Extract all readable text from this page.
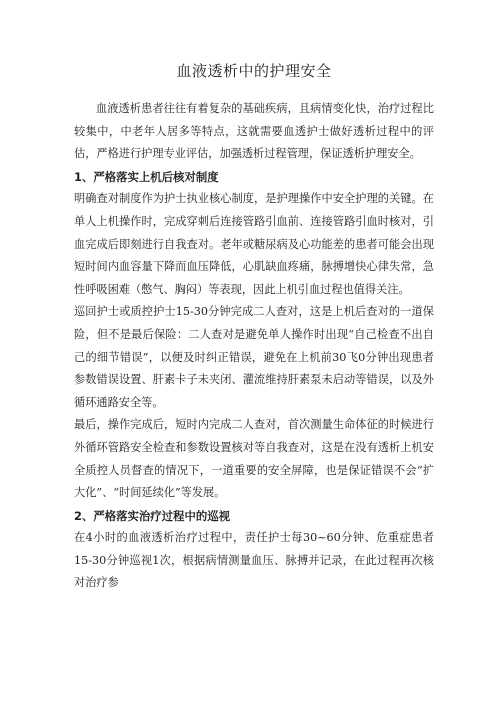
血液透析中的护理安全

血液透析患者往往有着复杂的基础疾病，且病情变化快，治疗过程比较集中，中老年人居多等特点，这就需要血透护士做好透析过程中的评估，严格进行护理专业评估，加强透析过程管理，保证透析护理安全。

1、严格落实上机后核对制度

明确查对制度作为护士执业核心制度，是护理操作中安全护理的关键。在单人上机操作时，完成穿刺后连接管路引血前、连接管路引血时核对，引血完成后即刻进行自我查对。老年或糖尿病及心功能差的患者可能会出现短时间内血容量下降而血压降低，心肌缺血疼痛，脉搏增快心律失常，急性呼吸困难（憋气、胸闷）等表现，因此上机引血过程也值得关注。

巡回护士或质控护士15-30分钟完成二人查对，这是上机后查对的一道保险，但不是最后保险：二人查对是避免单人操作时出现“自己检查不出自己的细节错误”，以便及时纠正错误，避免在上机前30飞0分钟出现患者参数错误设置、肝素卡子未夹闭、灌流维持肝素泵未启动等错误，以及外循环通路安全等。

最后，操作完成后，短时内完成二人查对，首次测量生命体征的时候进行外循环管路安全检查和参数设置核对等自我查对，这是在没有透析上机安全质控人员督查的情况下，一道重要的安全屏障，也是保证错误不会“扩大化”、“时间延续化”等发展。

2、严格落实治疗过程中的巡视

在4小时的血液透析治疗过程中，责任护士每30~60分钟、危重症患者15-30分钟巡视1次，根据病情测量血压、脉搏并记录，在此过程再次核对治疗参
